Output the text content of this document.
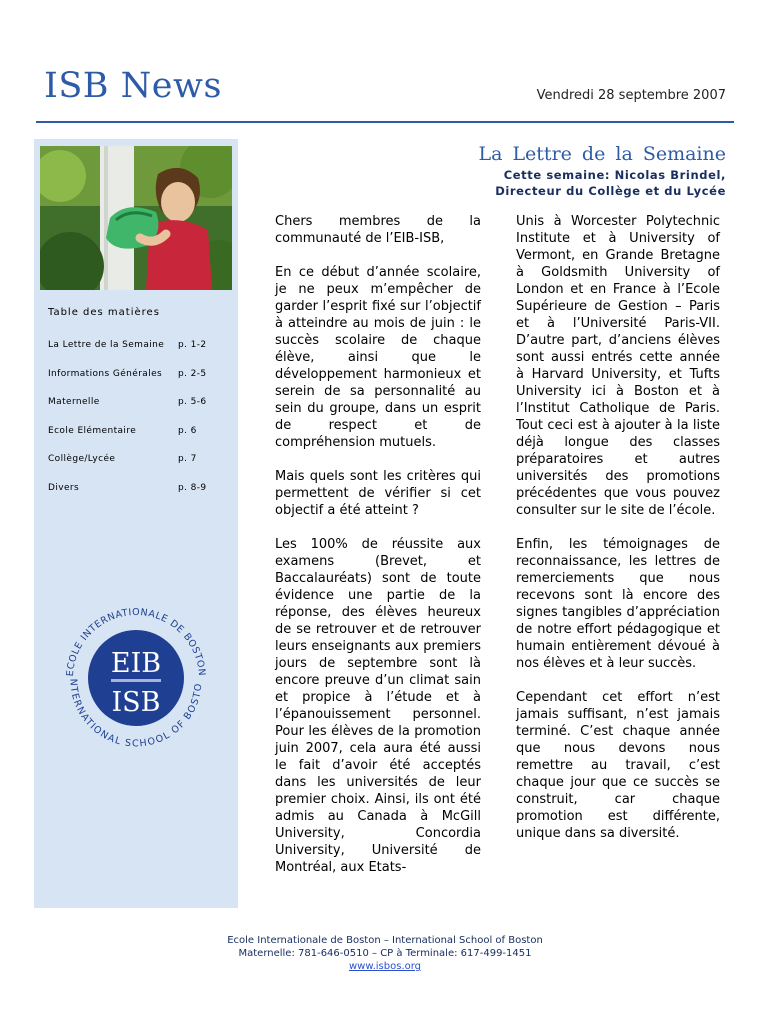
ISB News	Vendredi 28 septembre 2007
Table des matières
La Lettre de la Semaine	p. 1-2
Informations Générales	p. 2-5
Maternelle	p. 5-6
Ecole Elémentaire	p. 6
Collège/Lycée	p. 7
Divers	p. 8-9
ECOLE INTERNATIONALE DE BOSTON
NTERNATIONAL SCHOOL OF BOSTO
EIB
ISB
La Lettre de la Semaine
Cette semaine: Nicolas Brindel,
Directeur du Collège et du Lycée

Chers membres de la communauté de l’EIB-ISB,

En ce début d’année scolaire, je ne peux m’empêcher de garder l’esprit fixé sur l’objectif à atteindre au mois de juin : le succès scolaire de chaque élève, ainsi que le développement harmonieux et serein de sa personnalité au sein du groupe, dans un esprit de respect et de compréhension mutuels.

Mais quels sont les critères qui permettent de vérifier si cet objectif a été atteint ?

Les 100% de réussite aux examens (Brevet, et Baccalauréats) sont de toute évidence une partie de la réponse, des élèves heureux de se retrouver et de retrouver leurs enseignants aux premiers jours de septembre sont là encore preuve d’un climat sain et propice à l’étude et à l’épanouissement personnel. Pour les élèves de la promotion juin 2007, cela aura été aussi le fait d’avoir été acceptés dans les universités de leur premier choix. Ainsi, ils ont été admis au Canada à McGill University, Concordia University, Université de Montréal, aux Etats-

Unis à Worcester Polytechnic Institute et à University of Vermont, en Grande Bretagne à Goldsmith University of London et en France à l’Ecole Supérieure de Gestion – Paris et à l’Université Paris-VII. D’autre part, d’anciens élèves sont aussi entrés cette année à Harvard University, et Tufts University ici à Boston et à l’Institut Catholique de Paris. Tout ceci est à ajouter à la liste déjà longue des classes préparatoires et autres universités des promotions précédentes que vous pouvez consulter sur le site de l’école.

Enfin, les témoignages de reconnaissance, les lettres de remerciements que nous recevons sont là encore des signes tangibles d’appréciation de notre effort pédagogique et humain entièrement dévoué à nos élèves et à leur succès.

Cependant cet effort n’est jamais suffisant, n’est jamais terminé. C’est chaque année que nous devons nous remettre au travail, c’est chaque jour que ce succès se construit, car chaque promotion est différente, unique dans sa diversité.

Ecole Internationale de Boston – International School of Boston
Maternelle: 781-646-0510 – CP à Terminale: 617-499-1451
www.isbos.org
